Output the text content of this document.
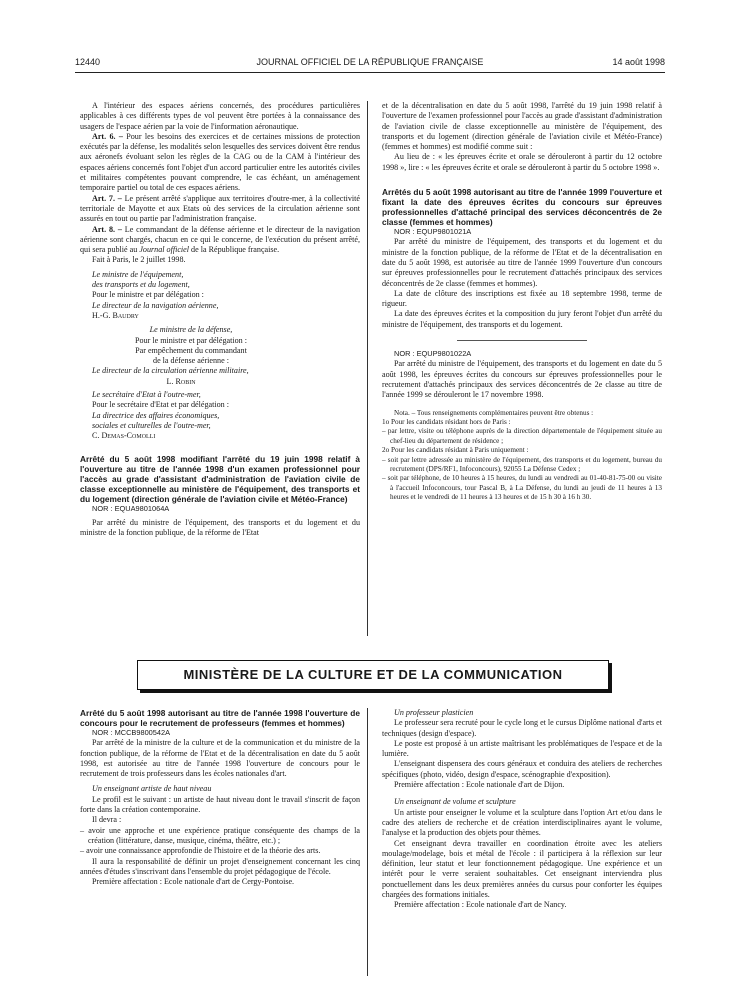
12440	JOURNAL OFFICIEL DE LA RÉPUBLIQUE FRANÇAISE	14 août 1998

A l'intérieur des espaces aériens concernés, des procédures particulières applicables à ces différents types de vol peuvent être portées à la connaissance des usagers de l'espace aérien par la voie de l'information aéronautique.

Art. 6. – Pour les besoins des exercices et de certaines missions de protection exécutés par la défense, les modalités selon lesquelles des services doivent être rendus aux aéronefs évoluant selon les règles de la CAG ou de la CAM à l'intérieur des espaces aériens concernés font l'objet d'un accord particulier entre les autorités civiles et militaires compétentes pouvant comprendre, le cas échéant, un aménagement temporaire partiel ou total de ces espaces aériens.

Art. 7. – Le présent arrêté s'applique aux territoires d'outre-mer, à la collectivité territoriale de Mayotte et aux Etats où des services de la circulation aérienne sont assurés en tout ou partie par l'administration française.

Art. 8. – Le commandant de la défense aérienne et le directeur de la navigation aérienne sont chargés, chacun en ce qui le concerne, de l'exécution du présent arrêté, qui sera publié au Journal officiel de la République française.

Fait à Paris, le 2 juillet 1998.

Le ministre de l'équipement,

des transports et du logement,

Pour le ministre et par délégation :

Le directeur de la navigation aérienne,

H.-G. Baudry

Le ministre de la défense,

Pour le ministre et par délégation :

Par empêchement du commandant

de la défense aérienne :

Le directeur de la circulation aérienne militaire,

L. Robin

Le secrétaire d'Etat à l'outre-mer,

Pour le secrétaire d'Etat et par délégation :

La directrice des affaires économiques,

sociales et culturelles de l'outre-mer,

C. Demas-Comolli

Arrêté du 5 août 1998 modifiant l'arrêté du 19 juin 1998 relatif à l'ouverture au titre de l'année 1998 d'un examen professionnel pour l'accès au grade d'assistant d'administration de l'aviation civile de classe exceptionnelle au ministère de l'équipement, des transports et du logement (direction générale de l'aviation civile et Météo-France)

NOR : EQUA9801064A

Par arrêté du ministre de l'équipement, des transports et du logement et du ministre de la fonction publique, de la réforme de l'Etat

et de la décentralisation en date du 5 août 1998, l'arrêté du 19 juin 1998 relatif à l'ouverture de l'examen professionnel pour l'accès au grade d'assistant d'administration de l'aviation civile de classe exceptionnelle au ministère de l'équipement, des transports et du logement (direction générale de l'aviation civile et Météo-France) (femmes et hommes) est modifié comme suit :

Au lieu de : « les épreuves écrite et orale se dérouleront à partir du 12 octobre 1998 », lire : « les épreuves écrite et orale se dérouleront à partir du 5 octobre 1998 ».

Arrêtés du 5 août 1998 autorisant au titre de l'année 1999 l'ouverture et fixant la date des épreuves écrites du concours sur épreuves professionnelles d'attaché principal des services déconcentrés de 2e classe (femmes et hommes)

NOR : EQUP9801021A

Par arrêté du ministre de l'équipement, des transports et du logement et du ministre de la fonction publique, de la réforme de l'Etat et de la décentralisation en date du 5 août 1998, est autorisée au titre de l'année 1999 l'ouverture d'un concours sur épreuves professionnelles pour le recrutement d'attachés principaux des services déconcentrés de 2e classe (femmes et hommes).

La date de clôture des inscriptions est fixée au 18 septembre 1998, terme de rigueur.

La date des épreuves écrites et la composition du jury feront l'objet d'un arrêté du ministre de l'équipement, des transports et du logement.

NOR : EQUP9801022A

Par arrêté du ministre de l'équipement, des transports et du logement en date du 5 août 1998, les épreuves écrites du concours sur épreuves professionnelles pour le recrutement d'attachés principaux des services déconcentrés de 2e classe au titre de l'année 1999 se dérouleront le 17 novembre 1998.

Nota. – Tous renseignements complémentaires peuvent être obtenus :

1o Pour les candidats résidant hors de Paris :

– par lettre, visite ou téléphone auprès de la direction départementale de l'équipement située au chef-lieu du département de résidence ;

2o Pour les candidats résidant à Paris uniquement :

– soit par lettre adressée au ministère de l'équipement, des transports et du logement, bureau du recrutement (DPS/RF1, Infoconcours), 92055 La Défense Cedex ;

– soit par téléphone, de 10 heures à 15 heures, du lundi au vendredi au 01-40-81-75-00 ou visite à l'accueil Infoconcours, tour Pascal B, à La Défense, du lundi au jeudi de 11 heures à 13 heures et le vendredi de 11 heures à 13 heures et de 15 h 30 à 16 h 30.

MINISTÈRE DE LA CULTURE ET DE LA COMMUNICATION

Arrêté du 5 août 1998 autorisant au titre de l'année 1998 l'ouverture de concours pour le recrutement de professeurs (femmes et hommes)

NOR : MCCB9800542A

Par arrêté de la ministre de la culture et de la communication et du ministre de la fonction publique, de la réforme de l'Etat et de la décentralisation en date du 5 août 1998, est autorisée au titre de l'année 1998 l'ouverture de concours pour le recrutement de trois professeurs dans les écoles nationales d'art.

Un enseignant artiste de haut niveau

Le profil est le suivant : un artiste de haut niveau dont le travail s'inscrit de façon forte dans la création contemporaine.

Il devra :

– avoir une approche et une expérience pratique conséquente des champs de la création (littérature, danse, musique, cinéma, théâtre, etc.) ;

– avoir une connaissance approfondie de l'histoire et de la théorie des arts.

Il aura la responsabilité de définir un projet d'enseignement concernant les cinq années d'études s'inscrivant dans l'ensemble du projet pédagogique de l'école.

Première affectation : Ecole nationale d'art de Cergy-Pontoise.

Un professeur plasticien

Le professeur sera recruté pour le cycle long et le cursus Diplôme national d'arts et techniques (design d'espace).

Le poste est proposé à un artiste maîtrisant les problématiques de l'espace et de la lumière.

L'enseignant dispensera des cours généraux et conduira des ateliers de recherches spécifiques (photo, vidéo, design d'espace, scénographie d'exposition).

Première affectation : Ecole nationale d'art de Dijon.

Un enseignant de volume et sculpture

Un artiste pour enseigner le volume et la sculpture dans l'option Art et/ou dans le cadre des ateliers de recherche et de création interdisciplinaires ayant le volume, l'analyse et la production des objets pour thèmes.

Cet enseignant devra travailler en coordination étroite avec les ateliers moulage/modelage, bois et métal de l'école : il participera à la réflexion sur leur définition, leur statut et leur fonctionnement pédagogique. Une expérience et un intérêt pour le verre seraient souhaitables. Cet enseignant interviendra plus ponctuellement dans les deux premières années du cursus pour conforter les équipes chargées des formations initiales.

Première affectation : Ecole nationale d'art de Nancy.
